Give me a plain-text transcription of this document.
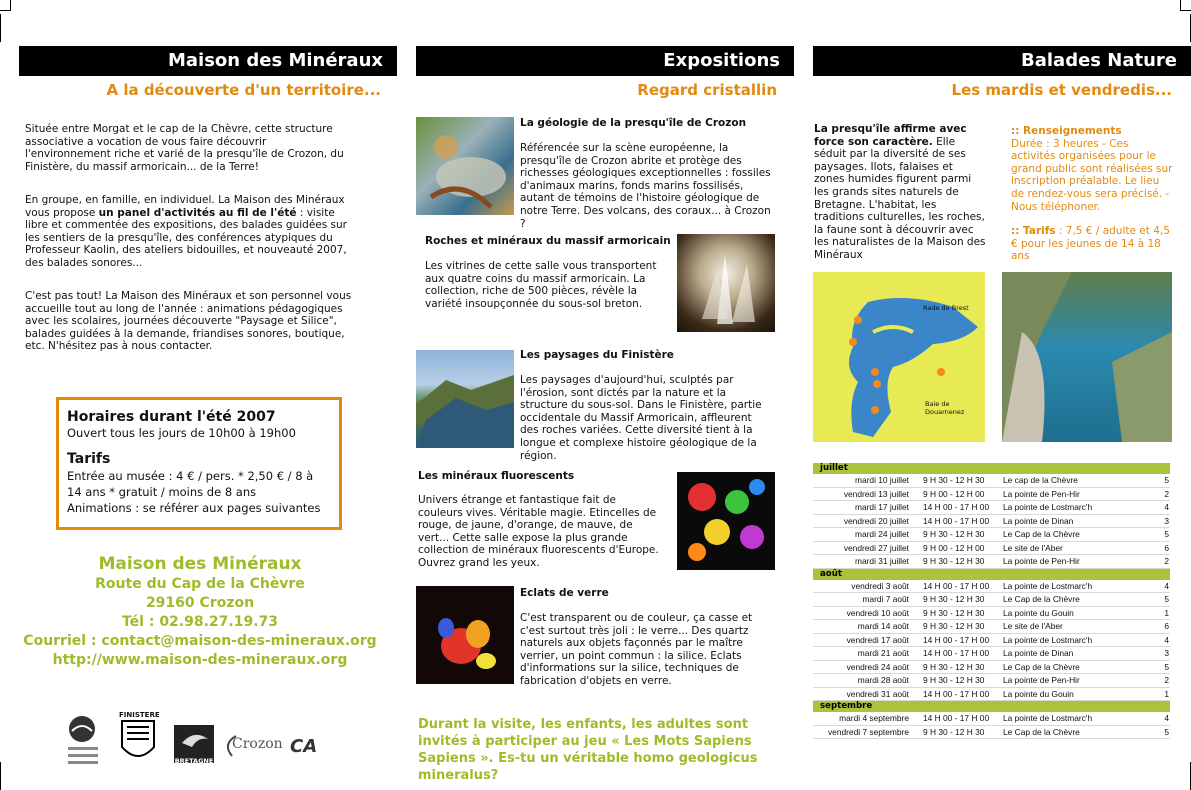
Maison des Minéraux
A la découverte d'un territoire...
Située entre Morgat et le cap de la Chèvre, cette structure associative a vocation de vous faire découvrir l'environnement riche et varié de la presqu'île de Crozon, du Finistère, du massif armoricain... de la Terre!
En groupe, en famille, en individuel. La Maison des Minéraux vous propose un panel d'activités au fil de l'été : visite libre et commentée des expositions, des balades guidées sur les sentiers de la presqu'île, des conférences atypiques du Professeur Kaolin, des ateliers bidouilles, et nouveauté 2007, des balades sonores...
C'est pas tout! La Maison des Minéraux et son personnel vous accueille tout au long de l'année : animations pédagogiques avec les scolaires, journées découverte "Paysage et Silice", balades guidées à la demande, friandises sonores, boutique, etc. N'hésitez pas à nous contacter.
Horaires durant l'été 2007
Ouvert tous les jours de 10h00 à 19h00
Tarifs
Entrée au musée : 4 € / pers. * 2,50 € / 8 à 14 ans * gratuit / moins de 8 ans
Animations : se référer aux pages suivantes
Maison des Minéraux
Route du Cap de la Chèvre
29160 Crozon
Tél : 02.98.27.19.73
Courriel : contact@maison-des-mineraux.org
http://www.maison-des-mineraux.org
FINISTERE
BRETAGNE
Crozon CA
Expositions
Regard cristallin
La géologie de la presqu'île de Crozon
Référencée sur la scène européenne, la presqu'île de Crozon abrite et protège des richesses géologiques exceptionnelles : fossiles d'animaux marins, fonds marins fossilisés, autant de témoins de l'histoire géologique de notre Terre. Des volcans, des coraux... à Crozon ?
Roches et minéraux du massif armoricain
Les vitrines de cette salle vous transportent aux quatre coins du massif armoricain. La collection, riche de 500 pièces, révèle la variété insoupçonnée du sous-sol breton.
Les paysages du Finistère
Les paysages d'aujourd'hui, sculptés par l'érosion, sont dictés par la nature et la structure du sous-sol. Dans le Finistère, partie occidentale du Massif Armoricain, affleurent des roches variées. Cette diversité tient à la longue et complexe histoire géologique de la région.
Les minéraux fluorescents
Univers étrange et fantastique fait de couleurs vives. Véritable magie. Etincelles de rouge, de jaune, d'orange, de mauve, de vert... Cette salle expose la plus grande collection de minéraux fluorescents d'Europe. Ouvrez grand les yeux.
Eclats de verre
C'est transparent ou de couleur, ça casse et c'est surtout très joli : le verre... Des quartz naturels aux objets façonnés par le maître verrier, un point commun : la silice. Eclats d'informations sur la silice, techniques de fabrication d'objets en verre.
Durant la visite, les enfants, les adultes sont invités à participer au jeu « Les Mots Sapiens Sapiens ». Es-tu un véritable homo geologicus mineralus?
Balades Nature
Les mardis et vendredis...
La presqu'île affirme avec force son caractère. Elle séduit par la diversité de ses paysages. Ilots, falaises et zones humides figurent parmi les grands sites naturels de Bretagne. L'habitat, les traditions culturelles, les roches, la faune sont à découvrir avec les naturalistes de la Maison des Minéraux
:: Renseignements
Durée : 3 heures - Ces activités organisées pour le grand public sont réalisées sur inscription préalable. Le lieu de rendez-vous sera précisé. - Nous téléphoner.
:: Tarifs : 7,5 € / adulte et 4,5 € pour les jeunes de 14 à 18 ans
Rade de Brest
Baie de Douarnenez
juillet
mardi 10 juillet	9 H 30 - 12 H 30	Le cap de la Chèvre	5
vendredi 13 juillet	9 H 00 - 12 H 00	La pointe de Pen-Hir	2
mardi 17 juillet	14 H 00 - 17 H 00	La pointe de Lostmarc'h	4
vendredi 20 juillet	14 H 00 - 17 H 00	La pointe de Dinan	3
mardi 24 juillet	9 H 30 - 12 H 30	Le Cap de la Chèvre	5
vendredi 27 juillet	9 H 00 - 12 H 00	Le site de l'Aber	6
mardi 31 juillet	9 H 30 - 12 H 30	La pointe de Pen-Hir	2
août
vendredi 3 août	14 H 00 - 17 H 00	La pointe de Lostmarc'h	4
mardi 7 août	9 H 30 - 12 H 30	Le Cap de la Chèvre	5
vendredi 10 août	9 H 30 - 12 H 30	La pointe du Gouin	1
mardi 14 août	9 H 30 - 12 H 30	Le site de l'Aber	6
vendredi 17 août	14 H 00 - 17 H 00	La pointe de Lostmarc'h	4
mardi 21 août	14 H 00 - 17 H 00	La pointe de Dinan	3
vendredi 24 août	9 H 30 - 12 H 30	Le Cap de la Chèvre	5
mardi 28 août	9 H 30 - 12 H 30	La pointe de Pen-Hir	2
vendredi 31 août	14 H 00 - 17 H 00	La pointe du Gouin	1
septembre
mardi 4 septembre	14 H 00 - 17 H 00	La pointe de Lostmarc'h	4
vendredi 7 septembre	9 H 30 - 12 H 30	Le Cap de la Chèvre	5
